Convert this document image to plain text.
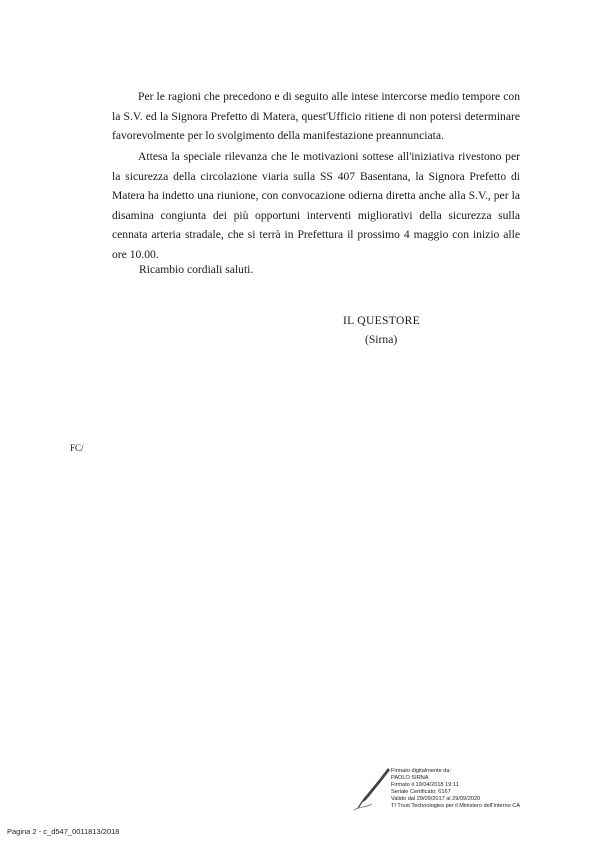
Per le ragioni che precedono e di seguito alle intese intercorse medio tempore con la S.V. ed la Signora Prefetto di Matera, quest'Ufficio ritiene di non potersi determinare favorevolmente per lo svolgimento della manifestazione preannunciata.

Attesa la speciale rilevanza che le motivazioni sottese all'iniziativa rivestono per la sicurezza della circolazione viaria sulla SS 407 Basentana, la Signora Prefetto di Matera ha indetto una riunione, con convocazione odierna diretta anche alla S.V., per la disamina congiunta dei più opportuni interventi migliorativi della sicurezza sulla cennata arteria stradale, che si terrà in Prefettura il prossimo 4 maggio con inizio alle ore 10.00.

Ricambio cordiali saluti.
IL QUESTORE
(Sirna)
FC/
Firmato digitalmente da:
PAOLO SIRNA
Firmato il 19/04/2018 19:11
Seriale Certificato: 6167
Valido dal 29/09/2017 al 29/09/2020
TI Trust Technologies per il Ministero dell'Interno CA
Pagina 2 - c_d547_0011813/2018
